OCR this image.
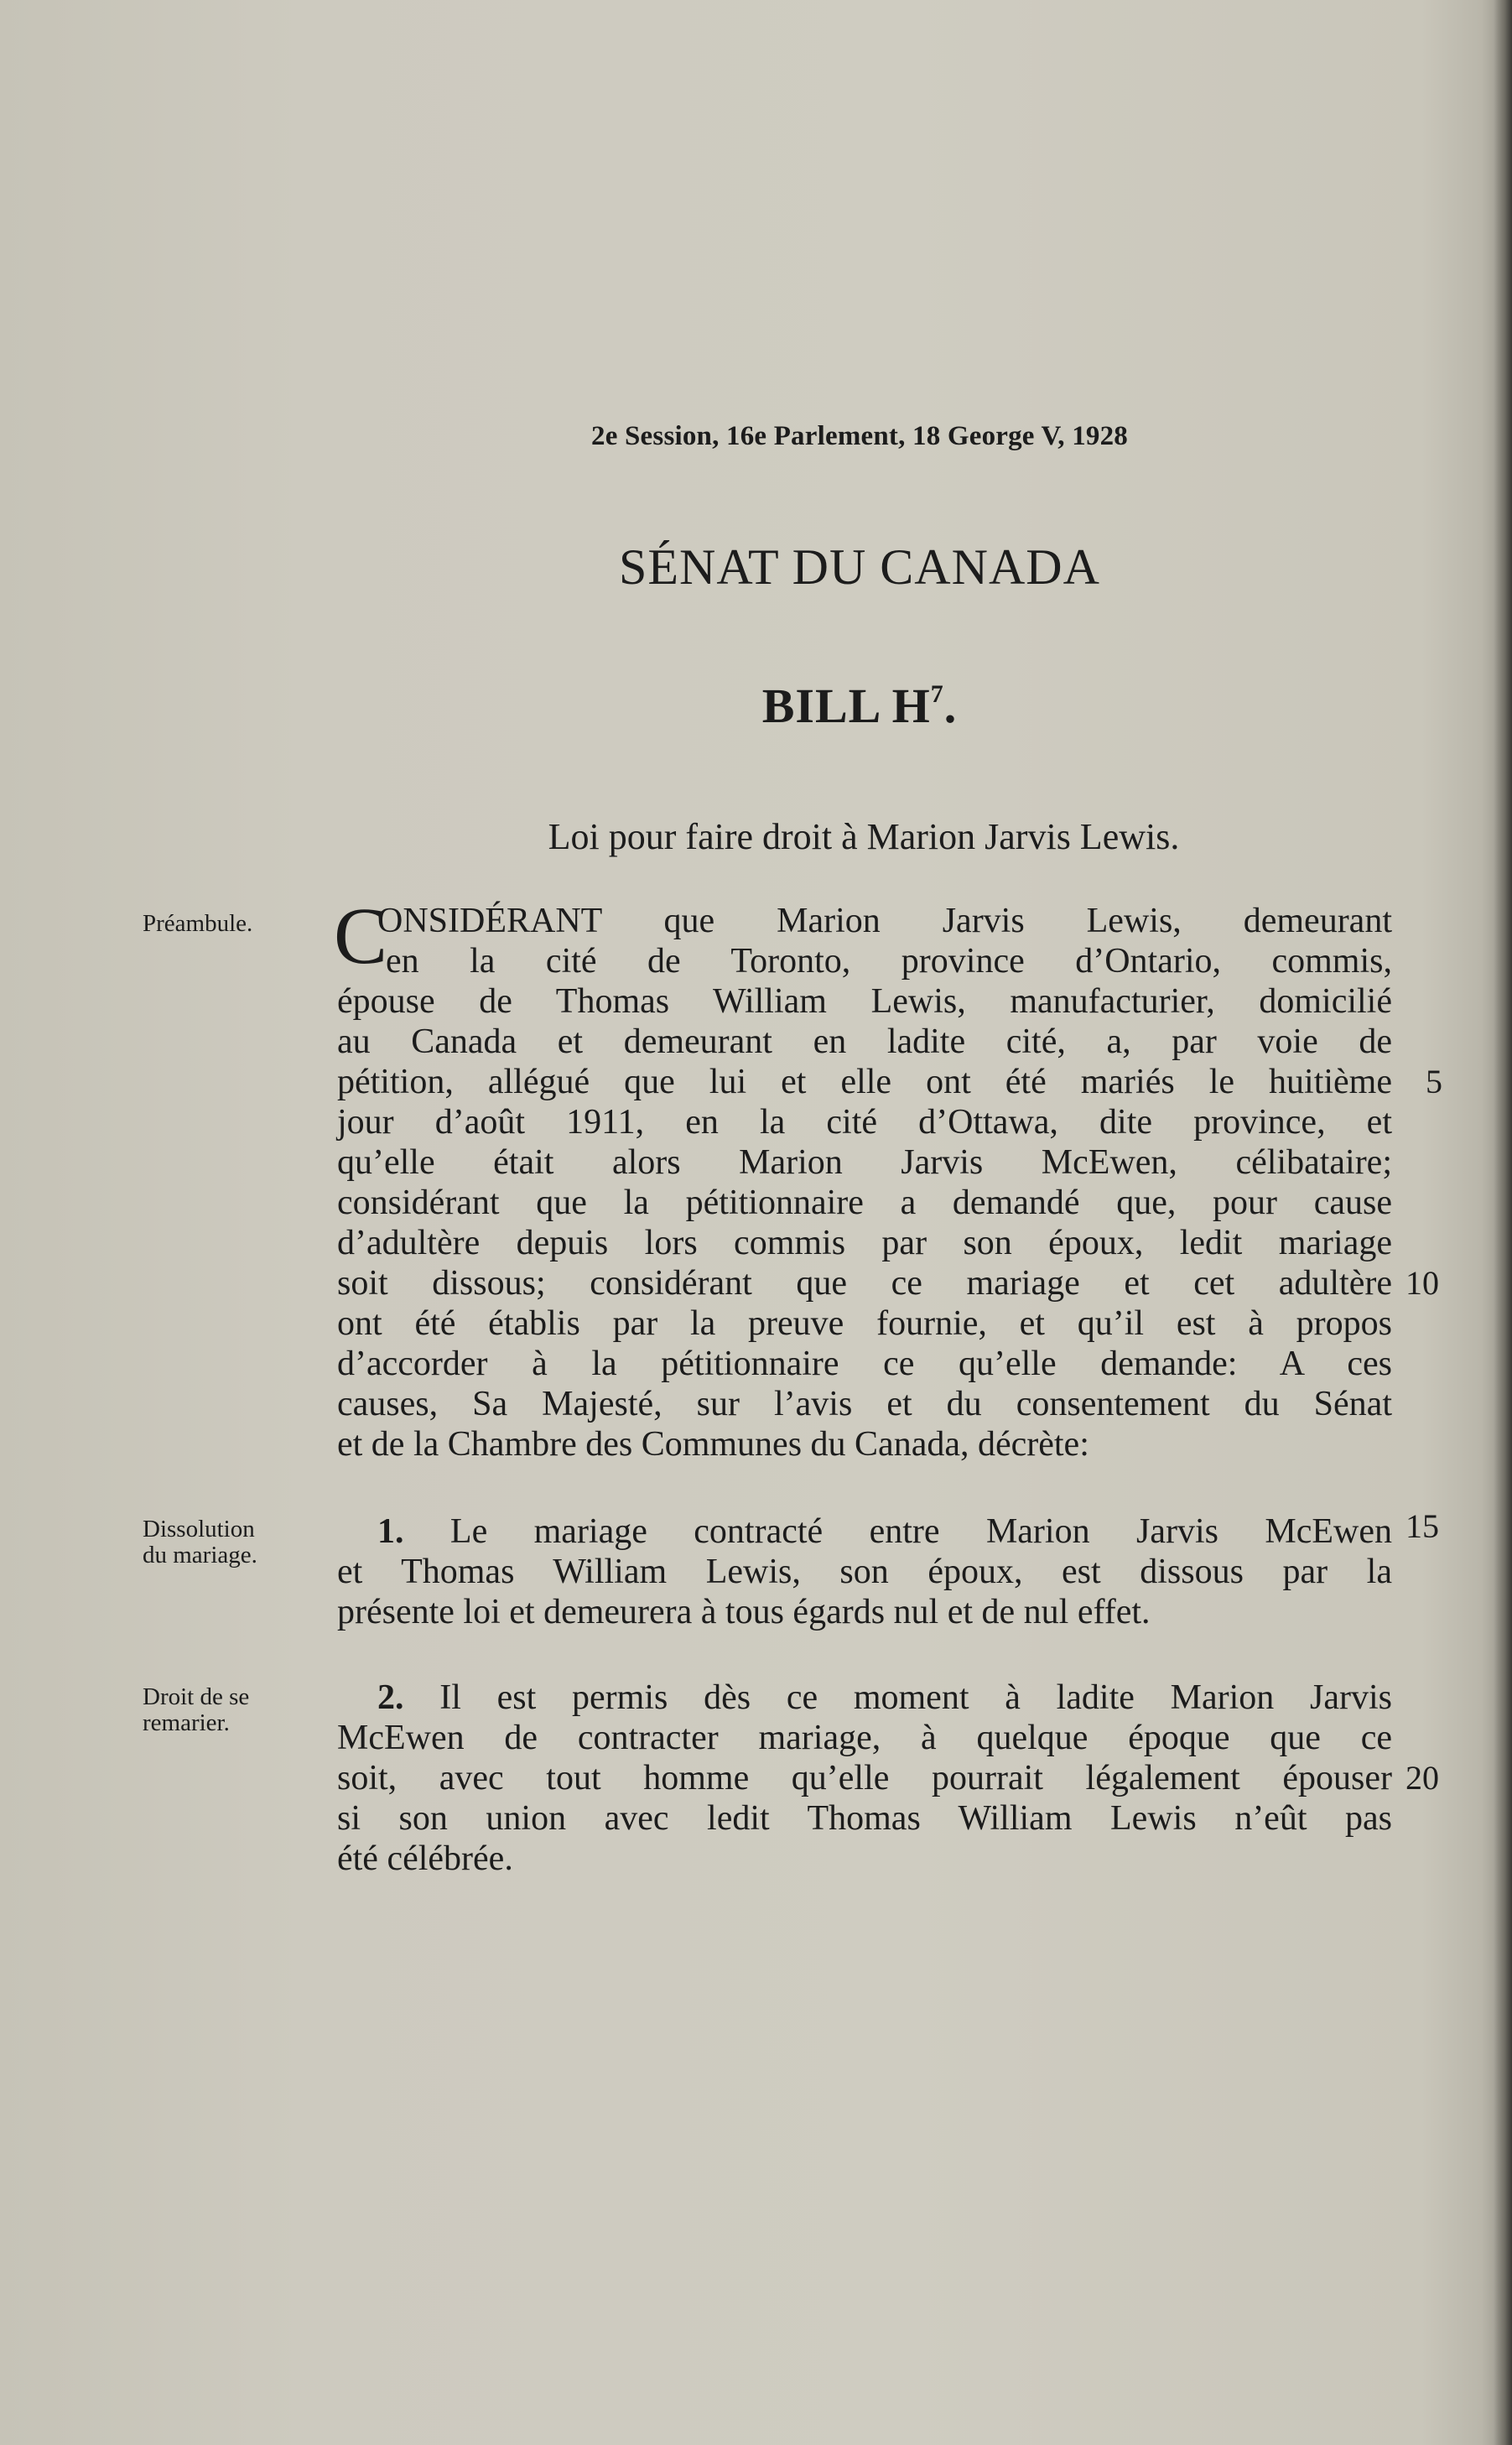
2e Session, 16e Parlement, 18 George V, 1928
SÉNAT DU CANADA
BILL $H^7$.
Loi pour faire droit à Marion Jarvis Lewis.
Préambule.
Dissolution
du mariage.
Droit de se
remarier.
C
ONSIDÉRANT que Marion Jarvis Lewis, demeurant
en la cité de Toronto, province d’Ontario, commis,
épouse de Thomas William Lewis, manufacturier, domicilié
au Canada et demeurant en ladite cité, a, par voie de
pétition, allégué que lui et elle ont été mariés le huitième
jour d’août 1911, en la cité d’Ottawa, dite province, et
qu’elle était alors Marion Jarvis McEwen, célibataire;
considérant que la pétitionnaire a demandé que, pour cause
d’adultère depuis lors commis par son époux, ledit mariage
soit dissous; considérant que ce mariage et cet adultère
ont été établis par la preuve fournie, et qu’il est à propos
d’accorder à la pétitionnaire ce qu’elle demande: A ces
causes, Sa Majesté, sur l’avis et du consentement du Sénat
et de la Chambre des Communes du Canada, décrète:
1. Le mariage contracté entre Marion Jarvis McEwen
et Thomas William Lewis, son époux, est dissous par la
présente loi et demeurera à tous égards nul et de nul effet.
2. Il est permis dès ce moment à ladite Marion Jarvis
McEwen de contracter mariage, à quelque époque que ce
soit, avec tout homme qu’elle pourrait légalement épouser
si son union avec ledit Thomas William Lewis n’eût pas
été célébrée.
5
10
15
20
